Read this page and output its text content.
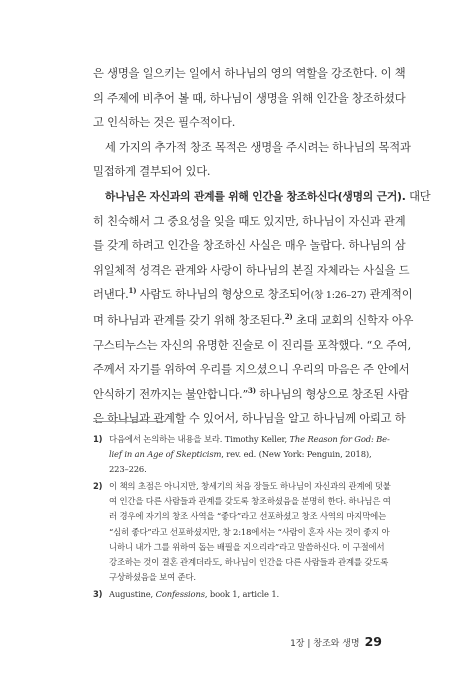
은 생명을 일으키는 일에서 하나님의 영의 역할을 강조한다. 이 책
의 주제에 비추어 볼 때, 하나님이 생명을 위해 인간을 창조하셨다
고 인식하는 것은 필수적이다.

세 가지의 추가적 창조 목적은 생명을 주시려는 하나님의 목적과
밀접하게 결부되어 있다.

하나님은 자신과의 관계를 위해 인간을 창조하신다(생명의 근거). 대단
히 친숙해서 그 중요성을 잊을 때도 있지만, 하나님이 자신과 관계
를 갖게 하려고 인간을 창조하신 사실은 매우 놀랍다. 하나님의 삼
위일체적 성격은 관계와 사랑이 하나님의 본질 자체라는 사실을 드
러낸다.$^{1)}$ 사람도 하나님의 형상으로 창조되어(창 1:26–27) 관계적이
며 하나님과 관계를 갖기 위해 창조된다.$^{2)}$ 초대 교회의 신학자 아우
구스티누스는 자신의 유명한 진술로 이 진리를 포착했다. “오 주여,
주께서 자기를 위하여 우리를 지으셨으니 우리의 마음은 주 안에서
안식하기 전까지는 불안합니다.”$^{3)}$ 하나님의 형상으로 창조된 사람
은 하나님과 관계할 수 있어서, 하나님을 알고 하나님께 아뢰고 하

1) 다음에서 논의하는 내용을 보라. Timothy Keller, The Reason for God: Be-
lief in an Age of Skepticism, rev. ed. (New York: Penguin, 2018),
223–226.
2) 이 책의 초점은 아니지만, 창세기의 처음 장들도 하나님이 자신과의 관계에 덧붙
여 인간을 다른 사람들과 관계를 갖도록 창조하셨음을 분명히 한다. 하나님은 여
러 경우에 자기의 창조 사역을 “좋다”라고 선포하셨고 창조 사역의 마지막에는
“심히 좋다”라고 선포하셨지만, 창 2:18에서는 “사람이 혼자 사는 것이 좋지 아
니하니 내가 그를 위하여 돕는 배필을 지으리라”라고 말씀하신다. 이 구절에서
강조하는 것이 결혼 관계더라도, 하나님이 인간을 다른 사람들과 관계를 갖도록
구상하셨음을 보여 준다.
3) Augustine, Confessions, book 1, article 1.
1장 | 창조와 생명 29
